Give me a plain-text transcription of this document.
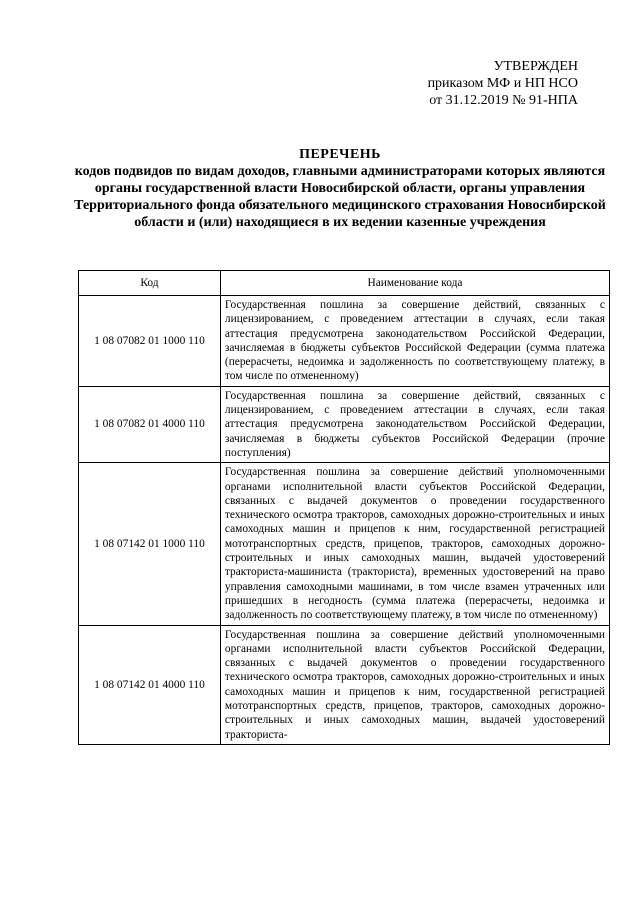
УТВЕРЖДЕН
приказом МФ и НП НСО
от 31.12.2019 № 91-НПА
ПЕРЕЧЕНЬ
кодов подвидов по видам доходов, главными администраторами которых являются органы государственной власти Новосибирской области, органы управления Территориального фонда обязательного медицинского страхования Новосибирской области и (или) находящиеся в их ведении казенные учреждения
Код	Наименование кода
1 08 07082 01 1000 110	Государственная пошлина за совершение действий, связанных с лицензированием, с проведением аттестации в случаях, если такая аттестация предусмотрена законодательством Российской Федерации, зачисляемая в бюджеты субъектов Российской Федерации (сумма платежа (перерасчеты, недоимка и задолженность по соответствующему платежу, в том числе по отмененному)
1 08 07082 01 4000 110	Государственная пошлина за совершение действий, связанных с лицензированием, с проведением аттестации в случаях, если такая аттестация предусмотрена законодательством Российской Федерации, зачисляемая в бюджеты субъектов Российской Федерации (прочие поступления)
1 08 07142 01 1000 110	Государственная пошлина за совершение действий уполномоченными органами исполнительной власти субъектов Российской Федерации, связанных с выдачей документов о проведении государственного технического осмотра тракторов, самоходных дорожно-строительных и иных самоходных машин и прицепов к ним, государственной регистрацией мототранспортных средств, прицепов, тракторов, самоходных дорожно-строительных и иных самоходных машин, выдачей удостоверений тракториста-машиниста (тракториста), временных удостоверений на право управления самоходными машинами, в том числе взамен утраченных или пришедших в негодность (сумма платежа (перерасчеты, недоимка и задолженность по соответствующему платежу, в том числе по отмененному)
1 08 07142 01 4000 110	Государственная пошлина за совершение действий уполномоченными органами исполнительной власти субъектов Российской Федерации, связанных с выдачей документов о проведении государственного технического осмотра тракторов, самоходных дорожно-строительных и иных самоходных машин и прицепов к ним, государственной регистрацией мототранспортных средств, прицепов, тракторов, самоходных дорожно-строительных и иных самоходных машин, выдачей удостоверений тракториста-
